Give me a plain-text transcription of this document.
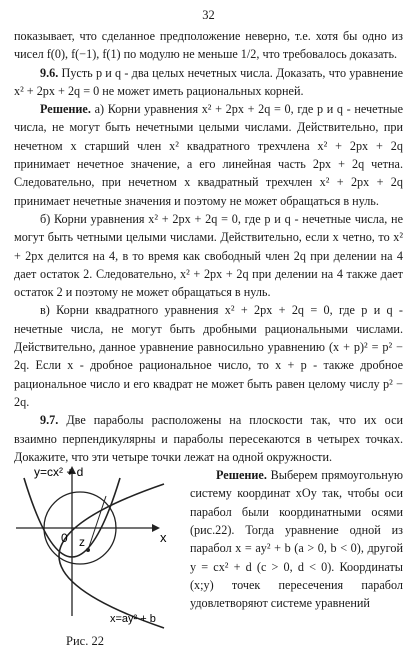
32

показывает, что сделанное предположение неверно, т.е. хотя бы одно из чисел f(0), f(−1), f(1) по модулю не меньше 1/2, что требовалось доказать.

9.6. Пусть p и q - два целых нечетных числа. Доказать, что уравнение x² + 2px + 2q = 0 не может иметь рациональных корней.

Решение. а) Корни уравнения x² + 2px + 2q = 0, где p и q - нечетные числа, не могут быть нечетными целыми числами. Действительно, при нечетном x старший член x² квадратного трехчлена x² + 2px + 2q принимает нечетное значение, а его линейная часть 2px + 2q четна. Следовательно, при нечетном x квадратный трехчлен x² + 2px + 2q принимает нечетные значения и поэтому не может обращаться в нуль.

б) Корни уравнения x² + 2px + 2q = 0, где p и q - нечетные числа, не могут быть четными целыми числами. Действительно, если x четно, то x² + 2px делится на 4, в то время как свободный член 2q при делении на 4 дает остаток 2. Следовательно, x² + 2px + 2q при делении на 4 также дает остаток 2 и поэтому не может обращаться в нуль.

в) Корни квадратного уравнения x² + 2px + 2q = 0, где p и q - нечетные числа, не могут быть дробными рациональными числами. Действительно, данное уравнение равносильно уравнению (x + p)² = p² − 2q. Если x - дробное рациональное число, то x + p - также дробное рациональное число и его квадрат не может быть равен целому числу p² − 2q.

9.7. Две параболы расположены на плоскости так, что их оси взаимно перпендикулярны и параболы пересекаются в четырех точках. Докажите, что эти четыре точки лежат на одной окружности.

y=cx² + d
z
0	x
x=ay² + b
Рис. 22

Решение. Выберем прямоугольную систему координат xOy так, чтобы оси парабол были координатными осями (рис.22). Тогда уравнение одной из парабол x = ay² + b (a > 0, b < 0), другой y = cx² + d (c > 0, d < 0). Координаты (x;y) точек пересечения парабол удовлетворяют системе уравнений
